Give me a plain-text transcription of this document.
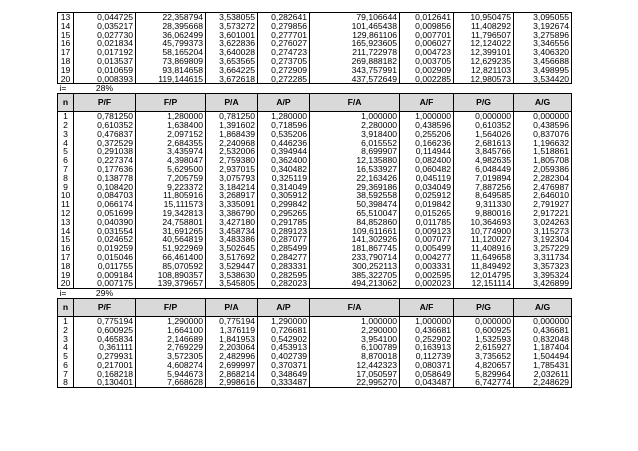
13	0,044725	22,358794	3,538055	0,282641	79,106644	0,012641	10,950475	3,095055
14	0,035217	28,395668	3,573272	0,279856	101,465438	0,009856	11,408292	3,192674
15	0,027730	36,062499	3,601001	0,277701	129,861106	0,007701	11,796507	3,275896
16	0,021834	45,799373	3,622836	0,276027	165,923605	0,006027	12,124022	3,346556
17	0,017192	58,165204	3,640028	0,274723	211,722978	0,004723	12,399101	3,406320
18	0,013537	73,869809	3,653565	0,273705	269,888182	0,003705	12,629235	3,456688
19	0,010659	93,814658	3,664225	0,272909	343,757991	0,002909	12,821103	3,498995
20	0,008393	119,144615	3,672618	0,272285	437,572649	0,002285	12,980573	3,534420
i=	28%							
n	P/F	F/P	P/A	A/P	F/A	A/F	P/G	A/G
1	0,781250	1,280000	0,781250	1,280000	1,000000	1,000000	0,000000	0,000000
2	0,610352	1,638400	1,391602	0,718596	2,280000	0,438596	0,610352	0,438596
3	0,476837	2,097152	1,868439	0,535206	3,918400	0,255206	1,564026	0,837076
4	0,372529	2,684355	2,240968	0,446236	6,015552	0,166236	2,681613	1,196632
5	0,291038	3,435974	2,532006	0,394944	8,699907	0,114944	3,845766	1,518861
6	0,227374	4,398047	2,759380	0,362400	12,135880	0,082400	4,982635	1,805708
7	0,177636	5,629500	2,937015	0,340482	16,533927	0,060482	6,048449	2,059386
8	0,138778	7,205759	3,075793	0,325119	22,163426	0,045119	7,019894	2,282304
9	0,108420	9,223372	3,184214	0,314049	29,369186	0,034049	7,887256	2,476987
10	0,084703	11,805916	3,268917	0,305912	38,592558	0,025912	8,649585	2,646010
11	0,066174	15,111573	3,335091	0,299842	50,398474	0,019842	9,311330	2,791927
12	0,051699	19,342813	3,386790	0,295265	65,510047	0,015265	9,880016	2,917221
13	0,040390	24,758801	3,427180	0,291785	84,852860	0,011785	10,364693	3,024263
14	0,031554	31,691265	3,458734	0,289123	109,611661	0,009123	10,774900	3,115273
15	0,024652	40,564819	3,483386	0,287077	141,302926	0,007077	11,120027	3,192304
16	0,019259	51,922969	3,502645	0,285499	181,867745	0,005499	11,408916	3,257229
17	0,015046	66,461400	3,517692	0,284277	233,790714	0,004277	11,649658	3,311734
18	0,011755	85,070592	3,529447	0,283331	300,252113	0,003331	11,849492	3,357323
19	0,009184	108,890357	3,538630	0,282595	385,322705	0,002595	12,014795	3,395324
20	0,007175	139,379657	3,545805	0,282023	494,213062	0,002023	12,151114	3,426899
i=	29%							
n	P/F	F/P	P/A	A/P	F/A	A/F	P/G	A/G
1	0,775194	1,290000	0,775194	1,290000	1,000000	1,000000	0,000000	0,000000
2	0,600925	1,664100	1,376119	0,726681	2,290000	0,436681	0,600925	0,436681
3	0,465834	2,146689	1,841953	0,542902	3,954100	0,252902	1,532593	0,832048
4	0,361111	2,769229	2,203064	0,453913	6,100789	0,163913	2,615927	1,187404
5	0,279931	3,572305	2,482996	0,402739	8,870018	0,112739	3,735652	1,504494
6	0,217001	4,608274	2,699997	0,370371	12,442323	0,080371	4,820657	1,785431
7	0,168218	5,944673	2,868214	0,348649	17,050597	0,058649	5,829964	2,032611
8	0,130401	7,668628	2,998616	0,333487	22,995270	0,043487	6,742774	2,248629
